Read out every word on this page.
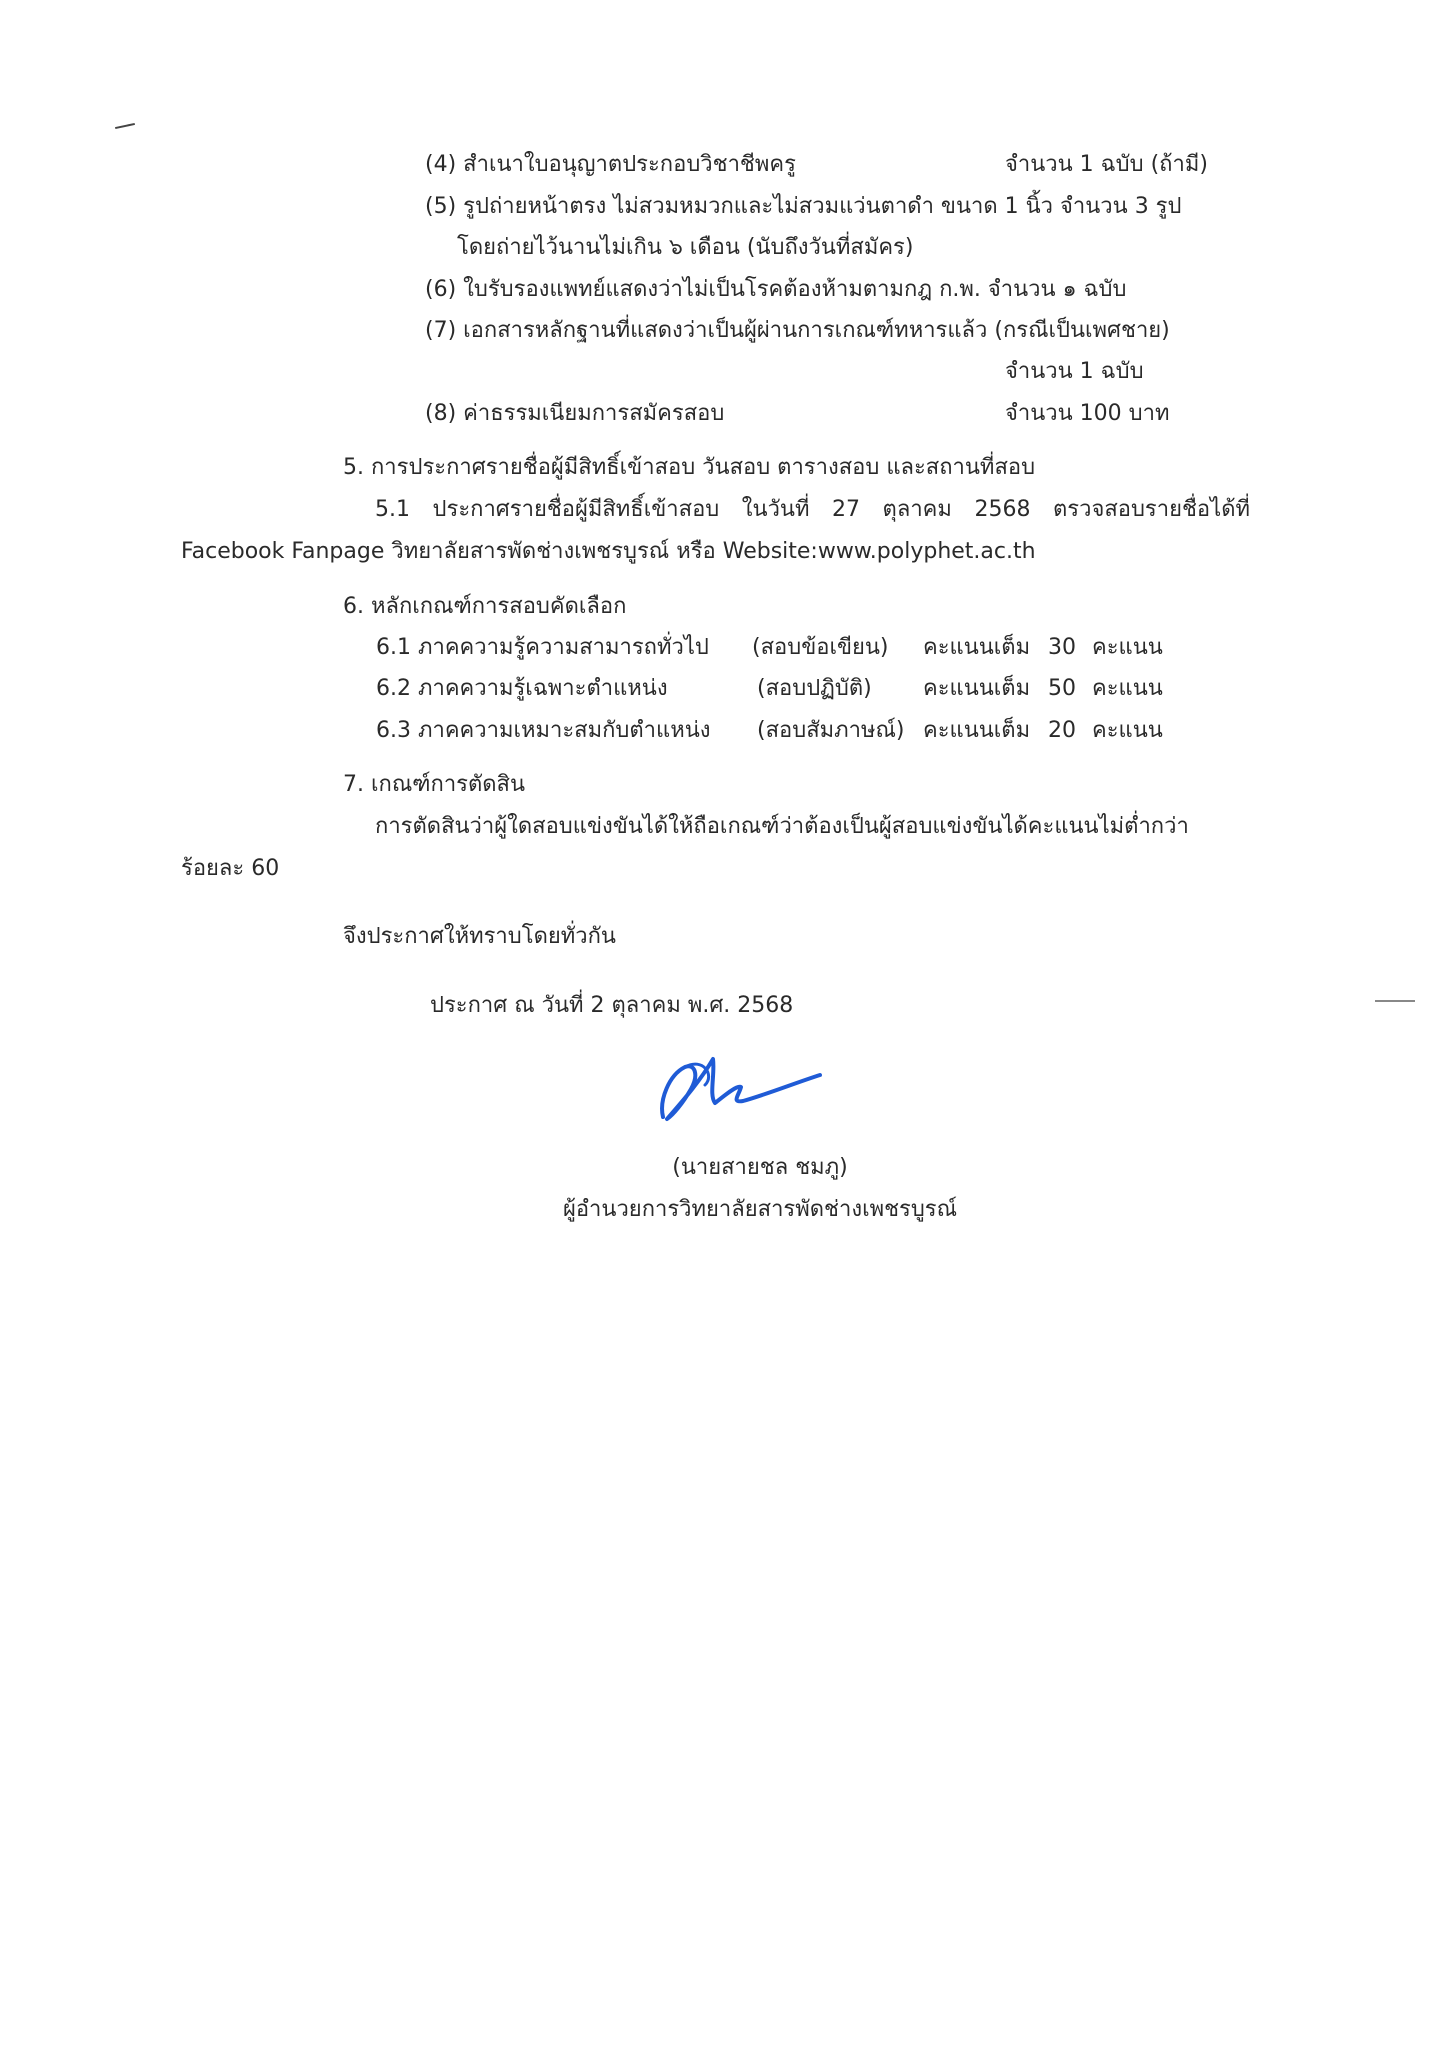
(4) สำเนาใบอนุญาตประกอบวิชาชีพครู	จำนวน 1 ฉบับ (ถ้ามี)
(5) รูปถ่ายหน้าตรง ไม่สวมหมวกและไม่สวมแว่นตาดำ ขนาด 1 นิ้ว จำนวน 3 รูป
โดยถ่ายไว้นานไม่เกิน ๖ เดือน (นับถึงวันที่สมัคร)
(6) ใบรับรองแพทย์แสดงว่าไม่เป็นโรคต้องห้ามตามกฎ ก.พ. จำนวน ๑ ฉบับ
(7) เอกสารหลักฐานที่แสดงว่าเป็นผู้ผ่านการเกณฑ์ทหารแล้ว (กรณีเป็นเพศชาย)
จำนวน 1 ฉบับ
(8) ค่าธรรมเนียมการสมัครสอบ	จำนวน 100 บาท
5. การประกาศรายชื่อผู้มีสิทธิ์เข้าสอบ วันสอบ ตารางสอบ และสถานที่สอบ
5.1 ประกาศรายชื่อผู้มีสิทธิ์เข้าสอบ ในวันที่ 27 ตุลาคม 2568 ตรวจสอบรายชื่อได้ที่
Facebook Fanpage วิทยาลัยสารพัดช่างเพชรบูรณ์ หรือ Website:www.polyphet.ac.th
6. หลักเกณฑ์การสอบคัดเลือก
6.1 ภาคความรู้ความสามารถทั่วไป (สอบข้อเขียน) คะแนนเต็ม 30 คะแนน
6.2 ภาคความรู้เฉพาะตำแหน่ง	(สอบปฏิบัติ) คะแนนเต็ม 50 คะแนน
6.3 ภาคความเหมาะสมกับตำแหน่ง (สอบสัมภาษณ์) คะแนนเต็ม 20 คะแนน
7. เกณฑ์การตัดสิน
การตัดสินว่าผู้ใดสอบแข่งขันได้ให้ถือเกณฑ์ว่าต้องเป็นผู้สอบแข่งขันได้คะแนนไม่ต่ำกว่า
ร้อยละ 60
จึงประกาศให้ทราบโดยทั่วกัน
ประกาศ ณ วันที่ 2 ตุลาคม พ.ศ. 2568
(นายสายชล ชมภู)
ผู้อำนวยการวิทยาลัยสารพัดช่างเพชรบูรณ์
